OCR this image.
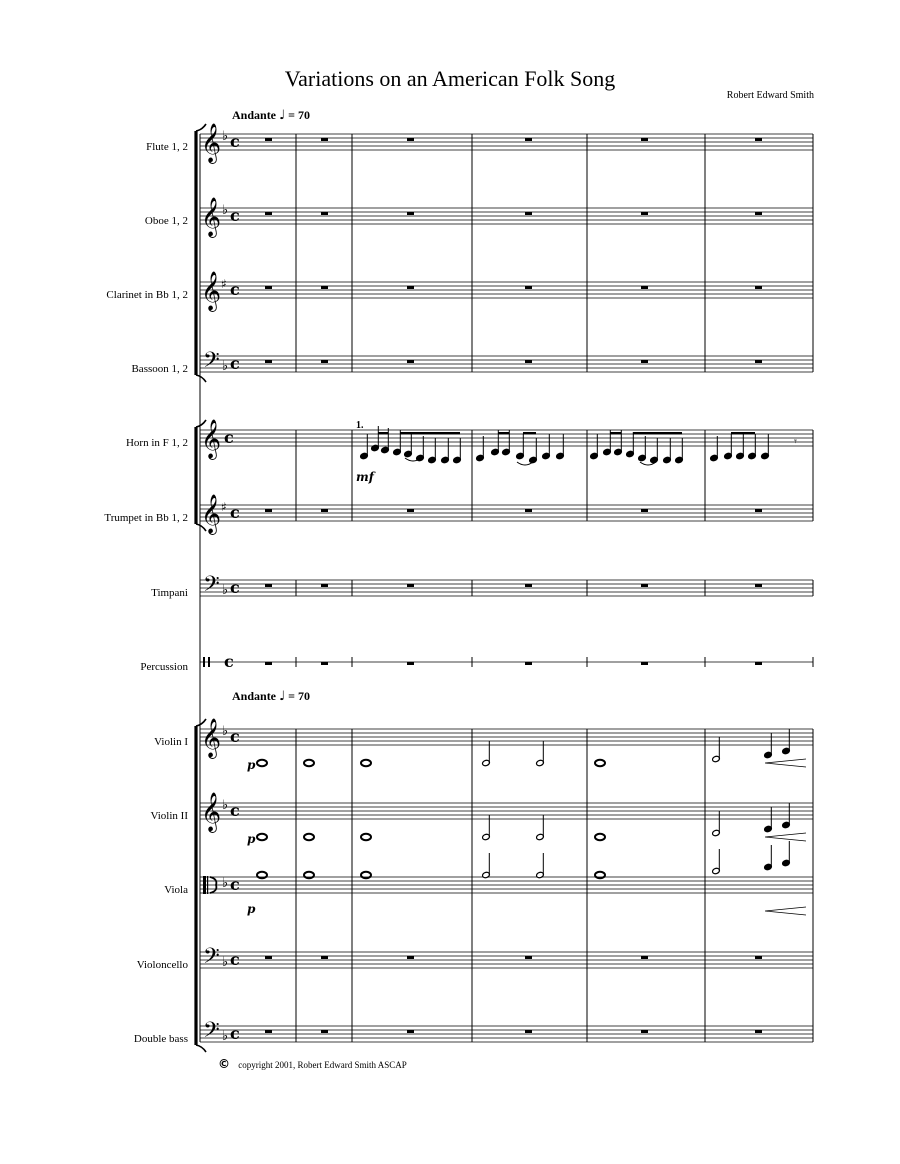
𝄞 ♭ c
𝄞 ♭ c
𝄞 ♯ c
𝄢 ♭ c
𝄞 c
𝄞 ♯ c
𝄢 ♭ c
c
𝄞 ♭ c
𝄞 ♭ c
♭ c
𝄢 ♭ c
𝄢 ♭ c
1.
mf
𝄾
p
p
p
Variations on an American Folk Song
Robert Edward Smith
Andante ♩ = 70
Andante ♩ = 70
Flute 1, 2
Oboe 1, 2
Clarinet in Bb 1, 2
Bassoon 1, 2
Horn in F 1, 2
Trumpet in Bb 1, 2
Timpani
Percussion
Violin I
Violin II
Viola
Violoncello
Double bass
© copyright 2001, Robert Edward Smith ASCAP
